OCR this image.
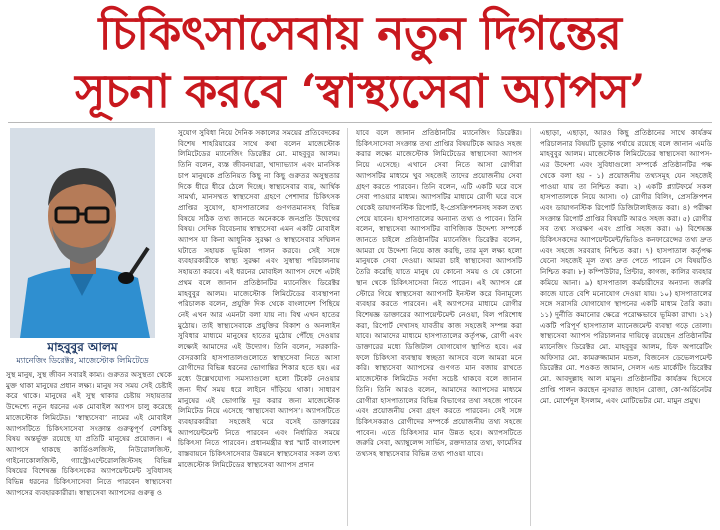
চিকিৎসাসেবায় নতুন দিগন্তের
সূচনা করবে ‘স্বাস্থ্যসেবা অ্যাপস’
মাহবুবুর আলম
ম্যানেজিং ডিরেক্টর, মাজেস্টোক লিমিটেডে

সুস্থ মানুষ, সুস্থ জীবন সবারই কাম্য। গুরুতর অসুস্থতা থেকে মুক্ত থাকা মানুষের প্রধান লক্ষ্য। মানুষ সব সময় সেই চেষ্টাই করে থাকে। মানুষের এই সুস্থ থাকার চেষ্টায় সহায়তার উদ্দেশ্যে নতুন ধরনের এক মোবাইল অ্যাপস চালু করেছে মাজেস্টোক লিমিটেড। ‘স্বাস্থ্যসেবা’ নামের এই মোবাইল অ্যাপসটিতে চিকিৎসাসেবা সংক্রান্ত গুরুত্বপূর্ণ বেশকিছু বিষয় অন্তর্ভুক্ত রয়েছে যা প্রতিটি মানুষের প্রয়োজন। এ অ্যাপসে থাকছে কার্ডিওলজিস্ট, নিউরোলজিস্ট, গাইনোকোলজিস্ট, গ্যাস্ট্রোএন্টেরোলজিস্টসহ বিভিন্ন বিষয়ের বিশেষজ্ঞ চিকিৎসকের অ্যাপয়েন্টমেন্ট সুবিধাসহ বিভিন্ন ধরনের চিকিৎসাসেবা নিতে পারবেন স্বাস্থ্যসেবা অ্যাপসের ব্যবহারকারীরা। স্বাস্থ্যসেবা অ্যাপসের গুরুত্ব ও

সুযোগ সুবিধা নিয়ে দৈনিক সকালের সময়ের প্রতিবেদকের বিশেষ শাহরিয়ারের সাথে কথা বলেন মাজেস্টোক লিমিটেডের ম্যানেজিং ডিরেক্টর মো. মাহবুবুর আলম। তিনি বলেন, ব্যস্ত জীবনযাত্রা, খাদ্যাভ্যাস এবং মানসিক চাপ মানুষকে প্রতিনিয়ত কিছু না কিছু গুরুতর অসুস্থতার দিকে ধীরে ধীরে ঠেলে দিচ্ছে। স্বাস্থ্যসেবার ব্যয়, আর্থিক সামর্থ্য, মানসম্মত স্বাস্থ্যসেবা গ্রহণে পেশাদার চিকিৎসক প্রাপ্তির সুযোগ, হাসপাতালের গুণগতমানসহ বিভিন্ন বিষয়ে সঠিক তথ্য জানতে অনেককে জনপ্রতি উদ্বেগের বিষয়। সেদিক বিবেচনায় স্বাস্থ্যসেবা এমন একটি মোবাইল অ্যাপস যা কিনা আধুনিক সুরক্ষা ও স্বাস্থ্যসেবার সম্মিলন ঘটাতে সহায়ক ভূমিকা পালন করবে। সেই সঙ্গে ব্যবহারকারীকে স্বাস্থ্য সুরক্ষা এবং সুস্বাস্থ্য পরিচালনায় সহায়তা করবে। এই ধরনের মোবাইল অ্যাপস দেশে এটাই প্রথম বলে জানান প্রতিষ্ঠানটির ম্যানেজিং ডিরেক্টর মাহবুবুর আলম। মাজেস্টোক লিমিটেডের ব্যবস্থাপনা পরিচালক বলেন, প্রযুক্তি দিক থেকে বাংলাদেশ পিছিয়ে নেই এখন আর এমনটা বলা যায় না। বিশ্ব এখন হাতের মুঠোয়। তাই স্বাস্থ্যসেবাকে প্রযুক্তির বিকাশ ও অনলাইন সুবিধার মাধ্যমে মানুষের হাতের মুঠোয় পৌঁছে দেওয়ার লক্ষ্যেই আমাদের এই উদ্যোগ। তিনি বলেন, সরকারি-বেসরকারি হাসপাতালগুলোতে স্বাস্থ্যসেবা নিতে আসা রোগীদের বিভিন্ন ধরনের ভোগান্তির শিকার হতে হয়। এর মধ্যে উল্লেখযোগ্য সমস্যাগুলো হলো টিকেট নেওয়ার জন্য দীর্ঘ সময় ধরে লাইনে দাঁড়িয়ে থাকা। সাধারণ মানুষের এই ভোগান্তি দূর করার জন্য মাজেস্টোক লিমিটেড নিয়ে এসেছে ‘স্বাস্থ্যসেবা অ্যাপস’। অ্যাপসটিতে ব্যবহারকারীরা সহজেই ঘরে বসেই ডাক্তারের অ্যাপয়েন্টমেন্ট নিতে পারবেন এবং নির্ধারিত সময়ে চিকিৎসা নিতে পারবেন। প্রধানমন্ত্রীর স্বপ্ন স্মার্ট বাংলাদেশ বাস্তবায়নে চিকিৎসাসেবার উন্নয়নে স্বাস্থ্যসেবার সকল তথ্য মাজেস্টোক লিমিটেডের স্বাস্থ্যসেবা অ্যাপস প্রদান

যাবে বলে জানান প্রতিষ্ঠানটির ম্যানেজিং ডিরেক্টর। চিকিৎসাসেবা সংক্রান্ত তথ্য প্রাপ্তির বিষয়টিকে আরও সহজ করার লক্ষ্যে মাজেস্টোক লিমিটেডের স্বাস্থ্যসেবা অ্যাপস নিয়ে এসেছে। এখানে সেবা নিতে আসা রোগীরা অ্যাপসটির মাধ্যমে খুব সহজেই তাদের প্রয়োজনীয় সেবা গ্রহণ করতে পারবেন। তিনি বলেন, এটি একটি ঘরে বসে সেবা পাওয়ার মাধ্যম। অ্যাপসটির মাধ্যমে রোগী ঘরে বসে থেকেই ডায়াগনস্টিক রিপোর্ট, ই-প্রেসক্রিপশনসহ সকল তথ্য পেয়ে যাবেন। হাসপাতালের অন্যান্য তথ্য ও পাবেন। তিনি বলেন, স্বাস্থ্যসেবা অ্যাপসটির বাণিজ্যিক উদ্দেশ্য সম্পর্কে জানতে চাইলে প্রতিষ্ঠানটির ম্যানেজিং ডিরেক্টর বলেন, আমরা যে উদ্দেশ্য নিয়ে কাজ করছি, তার মূল লক্ষ্য হলো মানুষকে সেবা দেওয়া। আমরা চাই স্বাস্থ্যসেবা অ্যাপসটি তৈরি করেছি যাতে মানুষ যে কোনো সময় ও যে কোনো স্থান থেকে চিকিৎসাসেবা নিতে পারেন। এই অ্যাপস প্লে স্টোরে গিয়ে স্বাস্থ্যসেবা অ্যাপসটি ইনস্টল করে বিনামূল্যে ব্যবহার করতে পারবেন। এই অ্যাপসের মাধ্যমে রোগীর বিশেষজ্ঞ ডাক্তারের অ্যাপয়েন্টমেন্ট নেওয়া, বিল পরিশোধ করা, রিপোর্ট দেখাসহ যাবতীয় কাজ সহজেই সম্পন্ন করা যাবে। আমাদের মাধ্যমে হাসপাতালের কর্তৃপক্ষ, রোগী এবং ডাক্তারের মধ্যে ডিজিটাল যোগাযোগ স্থাপিত হবে। এর ফলে চিকিৎসা ব্যবস্থায় স্বচ্ছতা আসবে বলে আমরা মনে করি। স্বাস্থ্যসেবা অ্যাপসের গুণগত মান বজায় রাখতে মাজেস্টোক লিমিটেড সর্বদা সচেষ্ট থাকবে বলে জানান তিনি। তিনি আরও বলেন, আমাদের অ্যাপসের মাধ্যমে রোগীরা হাসপাতালের বিভিন্ন বিভাগের তথ্য সহজে পাবেন এবং প্রয়োজনীয় সেবা গ্রহণ করতে পারবেন। সেই সঙ্গে চিকিৎসকরাও রোগীদের সম্পর্কে প্রয়োজনীয় তথ্য সহজে পাবেন। এতে চিকিৎসার মান উন্নত হবে। অ্যাপসটিতে জরুরি সেবা, অ্যাম্বুলেন্স সার্ভিস, রক্তদাতার তথ্য, ফার্মেসির তথ্যসহ স্বাস্থ্যসেবার বিভিন্ন তথ্য পাওয়া যাবে।

এছাড়া, এছাড়া, আরও কিছু প্রতিষ্ঠানের সাথে কার্যক্রম পরিচালনার বিষয়টি চূড়ান্ত পর্যায়ে রয়েছে বলে জানান এমডি মাহবুবুর আলম। মাজেস্টোক লিমিটেডের স্বাস্থ্যসেবা অ্যাপস-এর উদ্দেশ্য এবং সুবিধাগুলো সম্পর্কে প্রতিষ্ঠানটির পক্ষ থেকে বলা হয় - ১) প্রয়োজনীয় তথ্যসমূহ যেন সহজেই পাওয়া যায় তা নিশ্চিত করা। ২) একটি প্ল্যাটফর্মে সকল হাসপাতালকে নিয়ে আসা। ৩) রোগীর বিলিং, প্রেসক্রিপশন এবং ডায়াগনস্টিক রিপোর্ট ডিজিটালাইজড করা। ৪) পরীক্ষা সংক্রান্ত রিপোর্ট প্রাপ্তির বিষয়টি আরও সহজ করা। ৫) রোগীর সব তথ্য সংরক্ষণ এবং প্রাপ্তি সহজ করা। ৬) বিশেষজ্ঞ চিকিৎসকদের অ্যাপয়েন্টমেন্ট/ভিডিও কনফারেন্সের তথ্য দ্রুত এবং সহজে সরবরাহ নিশ্চিত করা। ৭) হাসপাতাল কর্তৃপক্ষ যেনো সহজেই মূল তথ্য দ্রুত পেতে পারেন সে বিষয়টিও নিশ্চিত করা। ৮) কম্পিউটার, প্রিন্টার, কাগজ, কালির ব্যবহার কমিয়ে আনা। ৯) হাসপাতাল কর্মচারীদের অন্যান্য জরুরি কাজে যাতে বেশি মনোযোগ দেওয়া যায়। ১০) হাসপাতালের সঙ্গে সরাসরি যোগাযোগ স্থাপনের একটি মাধ্যম তৈরি করা। ১১) দুর্নীতি কমানোর ক্ষেত্রে পরোক্ষভাবে ভূমিকা রাখা। ১২) একটি পরিপূর্ণ হাসপাতাল ম্যানেজমেন্ট ব্যবস্থা গড়ে তোলা। স্বাস্থ্যসেবা অ্যাপস পরিচালনার দায়িত্বে রয়েছেন প্রতিষ্ঠানটির ম্যানেজিং ডিরেক্টর মো. মাহবুবুর আলম, চিফ অপারেটিং অফিসার মো. কামরুজ্জামান মন্ডল, বিজনেস ডেভেলপমেন্ট ডিরেক্টর মো. শওকত জামান, সেলস এন্ড মার্কেটিং ডিরেক্টর মো. আবদুল্লাহ আল মামুন। প্রতিষ্ঠানটির কার্যক্রম হিসেবে প্রাপ্তি পালন করছেন নুসরাত জাহান রোজা, কো-অর্ডিনেটর মো. মোর্শেদুল ইসলাম, এবং মোটিভেটর মো. মামুন প্রমুখ।
